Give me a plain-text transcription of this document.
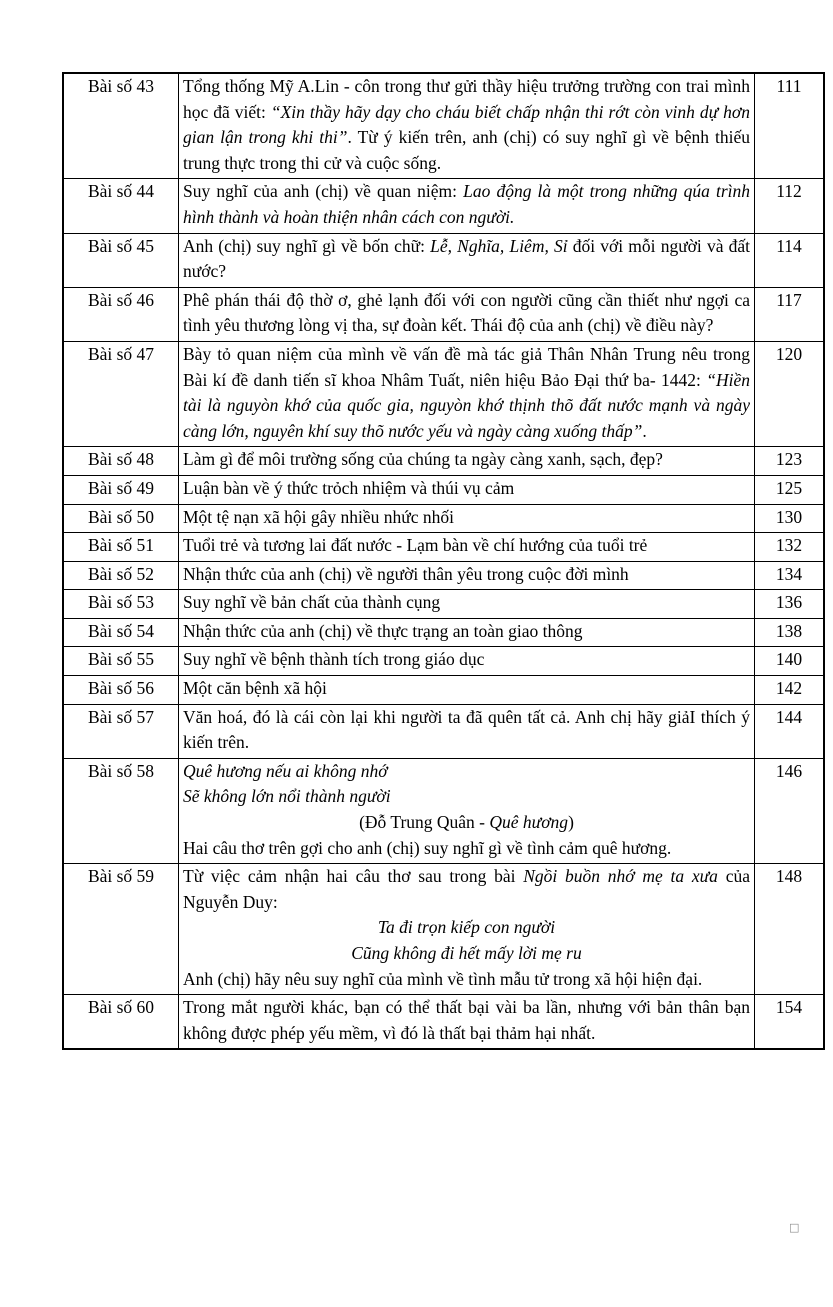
Bài số 43	Tổng thống Mỹ A.Lin - côn trong thư gửi thầy hiệu trưởng trường con trai mình học đã viết: “Xin thầy hãy dạy cho cháu biết chấp nhận thi rớt còn vinh dự hơn gian lận trong khi thi”. Từ ý kiến trên, anh (chị) có suy nghĩ gì về bệnh thiếu trung thực trong thi cử và cuộc sống.	111
Bài số 44	Suy nghĩ của anh (chị) về quan niệm: Lao động là một trong những qúa trình hình thành và hoàn thiện nhân cách con người.	112
Bài số 45	Anh (chị) suy nghĩ gì về bốn chữ: Lễ, Nghĩa, Liêm, Sỉ đối với mỗi người và đất nước?	114
Bài số 46	Phê phán thái độ thờ ơ, ghẻ lạnh đối với con người cũng cần thiết như ngợi ca tình yêu thương lòng vị tha, sự đoàn kết. Thái độ của anh (chị) về điều này?	117
Bài số 47	Bày tỏ quan niệm của mình về vấn đề mà tác giả Thân Nhân Trung nêu trong Bài kí đề danh tiến sĩ khoa Nhâm Tuất, niên hiệu Bảo Đại thứ ba- 1442: “Hiền tài là nguyòn khớ của quốc gia, nguyòn khớ thịnh thõ đất nước mạnh và ngày càng lớn, nguyên khí suy thõ nước yếu và ngày càng xuống thấp”.	120
Bài số 48	Làm gì để môi trường sống của chúng ta ngày càng xanh, sạch, đẹp?	123
Bài số 49	Luận bàn về ý thức trỏch nhiệm và thúi vụ cảm	125
Bài số 50	Một tệ nạn xã hội gây nhiều nhức nhối	130
Bài số 51	Tuổi trẻ và tương lai đất nước - Lạm bàn về chí hướng của tuổi trẻ	132
Bài số 52	Nhận thức của anh (chị) về người thân yêu trong cuộc đời mình	134
Bài số 53	Suy nghĩ về bản chất của thành cụng	136
Bài số 54	Nhận thức của anh (chị) về thực trạng an toàn giao thông	138
Bài số 55	Suy nghĩ về bệnh thành tích trong giáo dục	140
Bài số 56	Một căn bệnh xã hội	142
Bài số 57	Văn hoá, đó là cái còn lại khi người ta đã quên tất cả. Anh chị hãy giảI thích ý kiến trên.	144
Bài số 58	Quê hương nếu ai không nhớ
Sẽ không lớn nổi thành người
(Đỗ Trung Quân - Quê hương)
Hai câu thơ trên gợi cho anh (chị) suy nghĩ gì về tình cảm quê hương.	146
Bài số 59	Từ việc cảm nhận hai câu thơ sau trong bài Ngồi buồn nhớ mẹ ta xưa của Nguyễn Duy:
Ta đi trọn kiếp con người
Cũng không đi hết mấy lời mẹ ru
Anh (chị) hãy nêu suy nghĩ của mình về tình mẫu tử trong xã hội hiện đại.	148
Bài số 60	Trong mắt người khác, bạn có thể thất bại vài ba lần, nhưng với bản thân bạn không được phép yếu mềm, vì đó là thất bại thảm hại nhất.	154
□
